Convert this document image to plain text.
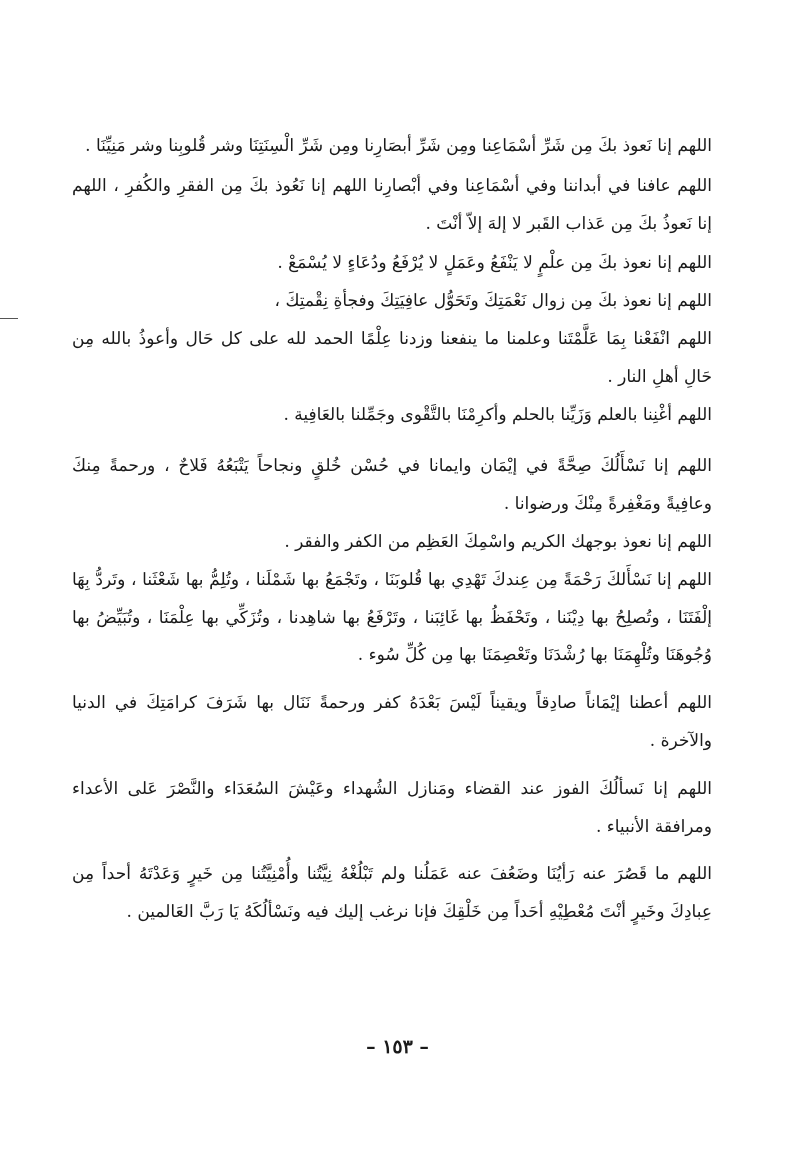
اللهم إنا نَعوذ بكَ مِن شَرِّ أسْمَاعِنا ومِن شَرِّ أبصَارِنا ومِن شَرِّ الْسِنَتِنَا وشر قُلوبِنا وشر مَنِيِّنَا .

اللهم عافنا في أبداننا وفي أسْمَاعِنا وفي أبْصارِنا اللهم إنا نَعُوذ بكَ مِن الفقرِ والكُفرِ ، اللهم إنا نَعوذُ بكَ مِن عَذاب القَبر لا إلهَ إلاّ أنْتَ .

اللهم إنا نعوذ بكَ مِن علْمٍ لا يَنْفَعُ وعَمَلٍ لا يُرْفَعُ ودُعَاءٍ لا يُسْمَعْ .

اللهم إنا نعوذ بكَ مِن زوال نَعْمَتِكَ وتَحَوُّل عافِيَتِكَ وفجأةِ نِقْمتِكَ ،

اللهم انْفَعْنا بِمَا عَلَّمْتَنا وعلمنا ما ينفعنا وزدنا عِلْمًا الحمد لله على كل حَال وأعوذُ بالله مِن حَالِ أهلِ النار .

اللهم أغْنِنا بالعلم وَزَيِّنا بالحلم وأكرِمْنَا بالتَّقْوى وجَمِّلنا بالعَافِية .

اللهم إنا نَسْأَلُكَ صِحَّةً في إيْمَان وايمانا في حُسْن خُلقٍ ونجاحاً يَتْبَعُهُ فَلاحٌ ، ورحمةً مِنكَ وعافِيةً ومَغْفِرةً مِنْكَ ورضوانا .

اللهم إنا نعوذ بوجهك الكريم واسْمِكَ العَظِم من الكفر والفقر .

اللهم إنا نَسْأَلكَ رَحْمَةً مِن عِندكَ تَهْدِي بها قُلوبَنَا ، وتَجْمَعُ بها شَمْلَنا ، وتُلِمُّ بها شَعْثَنا ، وتَردُّ بِهَا إلْفَتَنَا ، وتُصلِحُ بها دِيْنَنا ، وتَحْفَظُ بها غَائِبَنا ، وتَرْفَعُ بها شاهِدنا ، وتُزَكِّي بها عِلْمَنَا ، وتُبَيِّضُ بها وُجُوهَنَا وتُلْهِمَنَا بها رُشْدَنَا وتَعْصِمَنَا بها مِن كُلِّ سُوء .

اللهم أعطنا إيْمَاناً صادِقاً ويقيناً لَيْسَ بَعْدَهُ كفر ورحمةً نَنَال بها شَرَفَ كرامَتِكَ في الدنيا والآخرة .

اللهم إنا نَسألُكَ الفوز عند القضاء ومَنازل الشُهداء وعَيْشَ السُعَدَاء والنَّصْرَ عَلى الأعداء ومرافقة الأنبياء .

اللهم ما قَصُرَ عنه رَأيُنَا وضَعُفَ عنه عَمَلُنا ولم تَبْلُغْهُ نِيَّتُنا وأُمْنِيَّتُنا مِن خَيرٍ وَعَدْتَهُ أحداً مِن عِبادِكَ وخَيرٍ أنْتَ مُعْطِيْهِ أحَداً مِن خَلْقِكَ فإنا نرغب إليك فيه ونَسْألُكَهُ يَا رَبَّ العَالمين .

– ١٥٣ –
